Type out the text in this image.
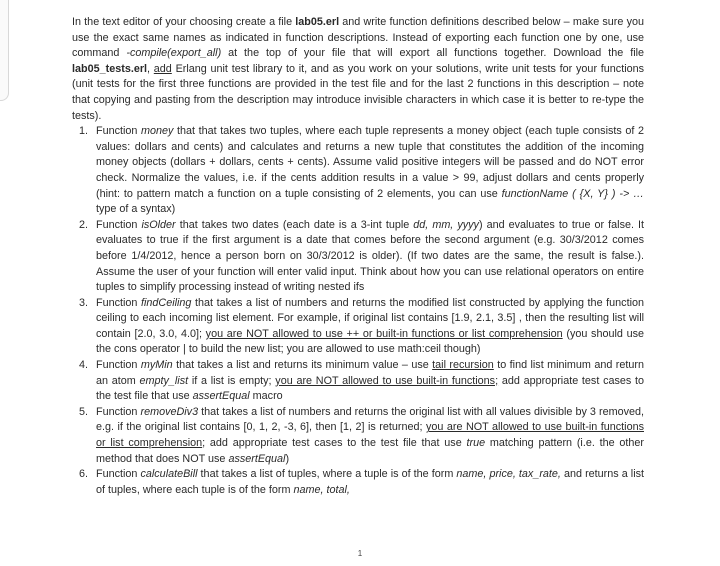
In the text editor of your choosing create a file lab05.erl and write function definitions described below – make sure you use the exact same names as indicated in function descriptions. Instead of exporting each function one by one, use command -compile(export_all) at the top of your file that will export all functions together. Download the file lab05_tests.erl, add Erlang unit test library to it, and as you work on your solutions, write unit tests for your functions (unit tests for the first three functions are provided in the test file and for the last 2 functions in this description – note that copying and pasting from the description may introduce invisible characters in which case it is better to re-type the tests).

1. Function money that that takes two tuples, where each tuple represents a money object (each tuple consists of 2 values: dollars and cents) and calculates and returns a new tuple that constitutes the addition of the incoming money objects (dollars + dollars, cents + cents). Assume valid positive integers will be passed and do NOT error check. Normalize the values, i.e. if the cents addition results in a value > 99, adjust dollars and cents properly (hint: to pattern match a function on a tuple consisting of 2 elements, you can use functionName ( {X, Y} ) -> … type of a syntax)
2. Function isOlder that takes two dates (each date is a 3-int tuple dd, mm, yyyy) and evaluates to true or false. It evaluates to true if the first argument is a date that comes before the second argument (e.g. 30/3/2012 comes before 1/4/2012, hence a person born on 30/3/2012 is older). (If two dates are the same, the result is false.). Assume the user of your function will enter valid input. Think about how you can use relational operators on entire tuples to simplify processing instead of writing nested ifs
3. Function findCeiling that takes a list of numbers and returns the modified list constructed by applying the function ceiling to each incoming list element. For example, if original list contains [1.9, 2.1, 3.5] , then the resulting list will contain [2.0, 3.0, 4.0]; you are NOT allowed to use ++ or built-in functions or list comprehension (you should use the cons operator | to build the new list; you are allowed to use math:ceil though)
4. Function myMin that takes a list and returns its minimum value – use tail recursion to find list minimum and return an atom empty_list if a list is empty; you are NOT allowed to use built-in functions; add appropriate test cases to the test file that use assertEqual macro
5. Function removeDiv3 that takes a list of numbers and returns the original list with all values divisible by 3 removed, e.g. if the original list contains [0, 1, 2, -3, 6], then [1, 2] is returned; you are NOT allowed to use built-in functions or list comprehension; add appropriate test cases to the test file that use true matching pattern (i.e. the other method that does NOT use assertEqual)
6. Function calculateBill that takes a list of tuples, where a tuple is of the form name, price, tax_rate, and returns a list of tuples, where each tuple is of the form name, total,
1
